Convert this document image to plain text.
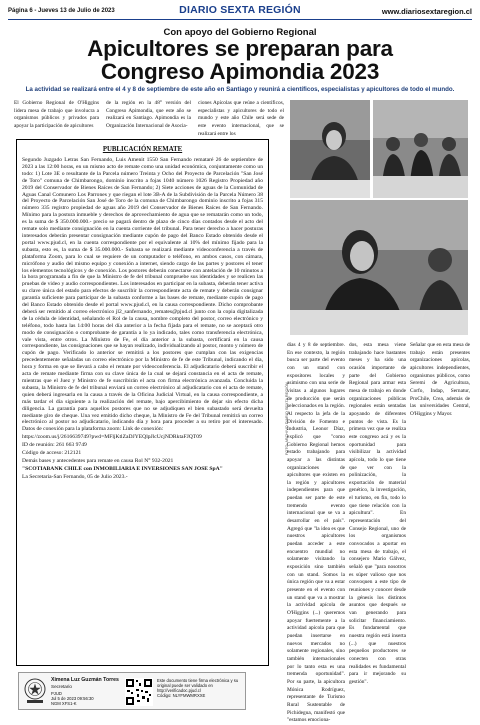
Página 6 - Jueves 13 de Julio de 2023	DIARIO SEXTA REGIÓN	www.diariosextaregion.cl
Con apoyo del Gobierno Regional
Apicultores se preparan para
Congreso Apimondia 2023
La actividad se realizará entre el 4 y 8 de septiembre de este año en Santiago y reunirá a científicos, especialistas y apicultores de todo el mundo.
El Gobierno Regional de O'Higgins lidera mesa de trabajo que involucra a organismos públicos y privados para apoyar la participación de apicultores
de la región en la 48° versión del Congreso Apimondia, que este año se realizará en Santiago. Apimondia es la Organización Internacional de Asocia-
ciones Apícolas que reúne a científicos, especialistas y apicultores de todo el mundo y este año Chile será sede de este evento internacional, que se realizará entre los
PUBLICACIÓN REMATE
Segundo Juzgado Letras San Fernando, Luis Amenit 1550 San Fernando remataré 26 de septiembre de 2023 a las 12:00 horas, en un mismo acto de remate como una unidad económica, conjuntamente como un todo: 1) Lote 3E o resultante de la Parcela número Treinta y Ocho del Proyecto de Parcelación "San José de Toro" comuna de Chimbarongo, dominio inscrito a fojas 1040 número 1026 Registro Propiedad año 2019 del Conservador de Bienes Raíces de San Fernando; 2) Siete acciones de aguas de la Comunidad de Aguas Canal Comunero Los Parrones y que riegan el lote 3B-A de la Subdivisión de la Parcela Número 38 del Proyecto de Parcelación San José de Toro de la comuna de Chimbarongo dominio inscrito a fojas 315 número 335 registro propiedad de aguas año 2019 del Conservador de Bienes Raíces de San Fernando. Mínimo para la postura inmueble y derechos de aprovechamiento de agua que se rematarán como un todo, es la suma de $ 350.000.000.- precio se pagará dentro de plazo de cinco días contados desde el acto del remate solo mediante consignación en la cuenta corriente del tribunal. Para tener derecho a hacer posturas interesados deberán presentar consignación mediante cupón de pago del Banco Estado obtenido desde el portal www.pjud.cl, en la cuenta correspondiente por el equivalente al 10% del mínimo fijado para la subasta, esto es, la suma de $ 35.000.000.- Subasta se realizará mediante videoconferencia a través de plataforma Zoom, para lo cual se requiere de un computador o teléfono, en ambos casos, con cámara, micrófono y audio del mismo equipo y conexión a internet, siendo cargo de las partes y postores el tener los elementos tecnológicos y de conexión. Los postores deberán conectarse con antelación de 10 minutos a la hora programada a fin de que la Ministro de fe del tribunal compruebe sus identidades y se realicen las pruebas de video y audio correspondientes. Los interesados en participar en la subasta, deberán tener activa su clave única del estado para efectos de suscribir la correspondiente acta de remate y deberán consignar garantía suficiente para participar de la subasta conforme a las bases de remate, mediante cupón de pago del Banco Estado obtenido desde el portal www.pjud.cl, en la causa correspondiente. Dicho comprobante deberá ser remitido al correo electrónico jl2_sanfernando_remates@pjud.cl junto con la copia digitalizada de la cédula de identidad, señalando el Rol de la causa, nombre completo del postor, correo electrónico y teléfono, todo hasta las 14:00 horas del día anterior a la fecha fijada para el remate, no se aceptará otro modo de consignación o comprobante de garantía a lo ya indicado, tales como transferencia electrónica, vale vista, entre otros. La Ministro de Fe, el día anterior a la subasta, certificará en la causa correspondiente, las consignaciones que se hayan realizado, individualizando al postor, monto y número de cupón de pago. Verificado lo anterior se remitirá a los postores que cumplan con las exigencias precedentemente señaladas un correo electrónico por la Ministro de fe de este Tribunal, indicando el día, hora y forma en que se llevará a cabo el remate por videoconferencia. El adjudicatario deberá suscribir el acta de remate mediante firma con su clave única de la cual se dejará constancia en el acta de remate, mientras que el Juez y Ministro de fe suscribirán el acta con firma electrónica avanzada. Concluida la subasta, la Ministro de fe del tribunal enviará un correo electrónico al adjudicatario con el acta de remate, quien deberá ingresarla en la causa a través de la Oficina Judicial Virtual, en la causa correspondiente, a más tardar el día siguiente a la realización del remate, bajo apercibimiento de dejar sin efecto dicha diligencia. La garantía para aquellos postores que no se adjudiquen el bien subastado será devuelta mediante giro de cheque. Una vez emitido dicho cheque, la Ministro de Fe del Tribunal remitirá un correo electrónico al postor no adjudicatario, indicando día y hora para proceder a su retiro por el interesado. Datos de conexión para la plataforma zoom: Link de conexión:
https://zoom.us/j/2616639749?pwd=MFljKtlZaDJYEQlpJlcUcjNDRktaFJQT09
ID de reunión: 261 663 9749
Código de acceso: 212121
Demás bases y antecedentes para remate en causa Rol N° 932-2021
"SCOTIABANK CHILE con INMOBILIARIA E INVERSIONES SAN JOSE SpA"
La Secretaria-San Fernando, 05 de Julio 2023.-
Ximena Luz Guzmán Torres
Secretario
PJUD
Jul 5 de 2023 09:56:30
NGM XFS1-K
Este documento tiene firma electrónica y su original puede ser validado en http://verificadoc.pjud.cl
Código: NLYFMWMRXXE
FOTO: ARCHIVO DIARIO SEXTA REGIÓN
días 4 y 8 de septiembre. En ese contexto, la región busca ser parte del evento con un stand con expositores locales y asimismo con una serie de visitas a algunos lugares de producción que serán seleccionados en la región. Al respecto la jefa de la División de Fomento e Industria, Leonor Díaz, explicó que "como Gobierno Regional hemos estado trabajando para apoyar a las distintas organizaciones de apicultores que existen en la región y apicultores independientes para que puedan ser parte de este tremendo evento internacional que se va a desarrollar en el país". Agregó que "la idea es que nuestros apicultores puedan acceder a este encuentro mundial no solamente visitando la exposición sino también con un stand. Somos la única región que va a estar presente en el evento con un stand que va a mostrar la actividad apícola de O'Higgins (...) queremos apoyar fuertemente a la actividad apícola para que puedan insertarse en nuevos mercados no solamente regionales, sino también internacionales por lo tanto esta es una tremenda oportunidad". Por su parte, la apicultora Mónica Rodríguez, representante de Turismo Rural Sustentable de Pichidegua, manifestó que "estamos emociona-
dos, esta mesa viene trabajando hace bastantes meses y ha sido una ocasión importante de parte del Gobierno Regional para armar esta mesa de trabajo en donde organizaciones públicas regionales están sentadas apoyando de diferentes puntos de vista. Es la primera vez que se realiza este congreso acá y es la oportunidad para visibilizar la actividad apícola, todo lo que tiene que ver con la polinización, la exportación de material genético, la investigación, el turismo, en fin, todo lo que tiene relación con la apicultura". En representación del Consejo Regional, uno de los organismos convocados a aportar en esta mesa de trabajo, el consejero Mario Gálvez, señaló que "para nosotros es súper valioso que nos convoquen a este tipo de reuniones y conocer desde la génesis los distintos asuntos que después se van generando para solicitar financiamiento. Es fundamental que nuestra región está inserta (...) que nuestros pequeños productores se conecten con otras realidades es fundamental para ir mejorando su gestión".
Señalar que en esta mesa de trabajo están presentes organizaciones apícolas, apicultores independientes, organismos públicos, como Seremi de Agricultura, Corfo, Indap, Sernatur, ProChile, Crea, además de las universidades Central, O'Higgins y Mayor.
